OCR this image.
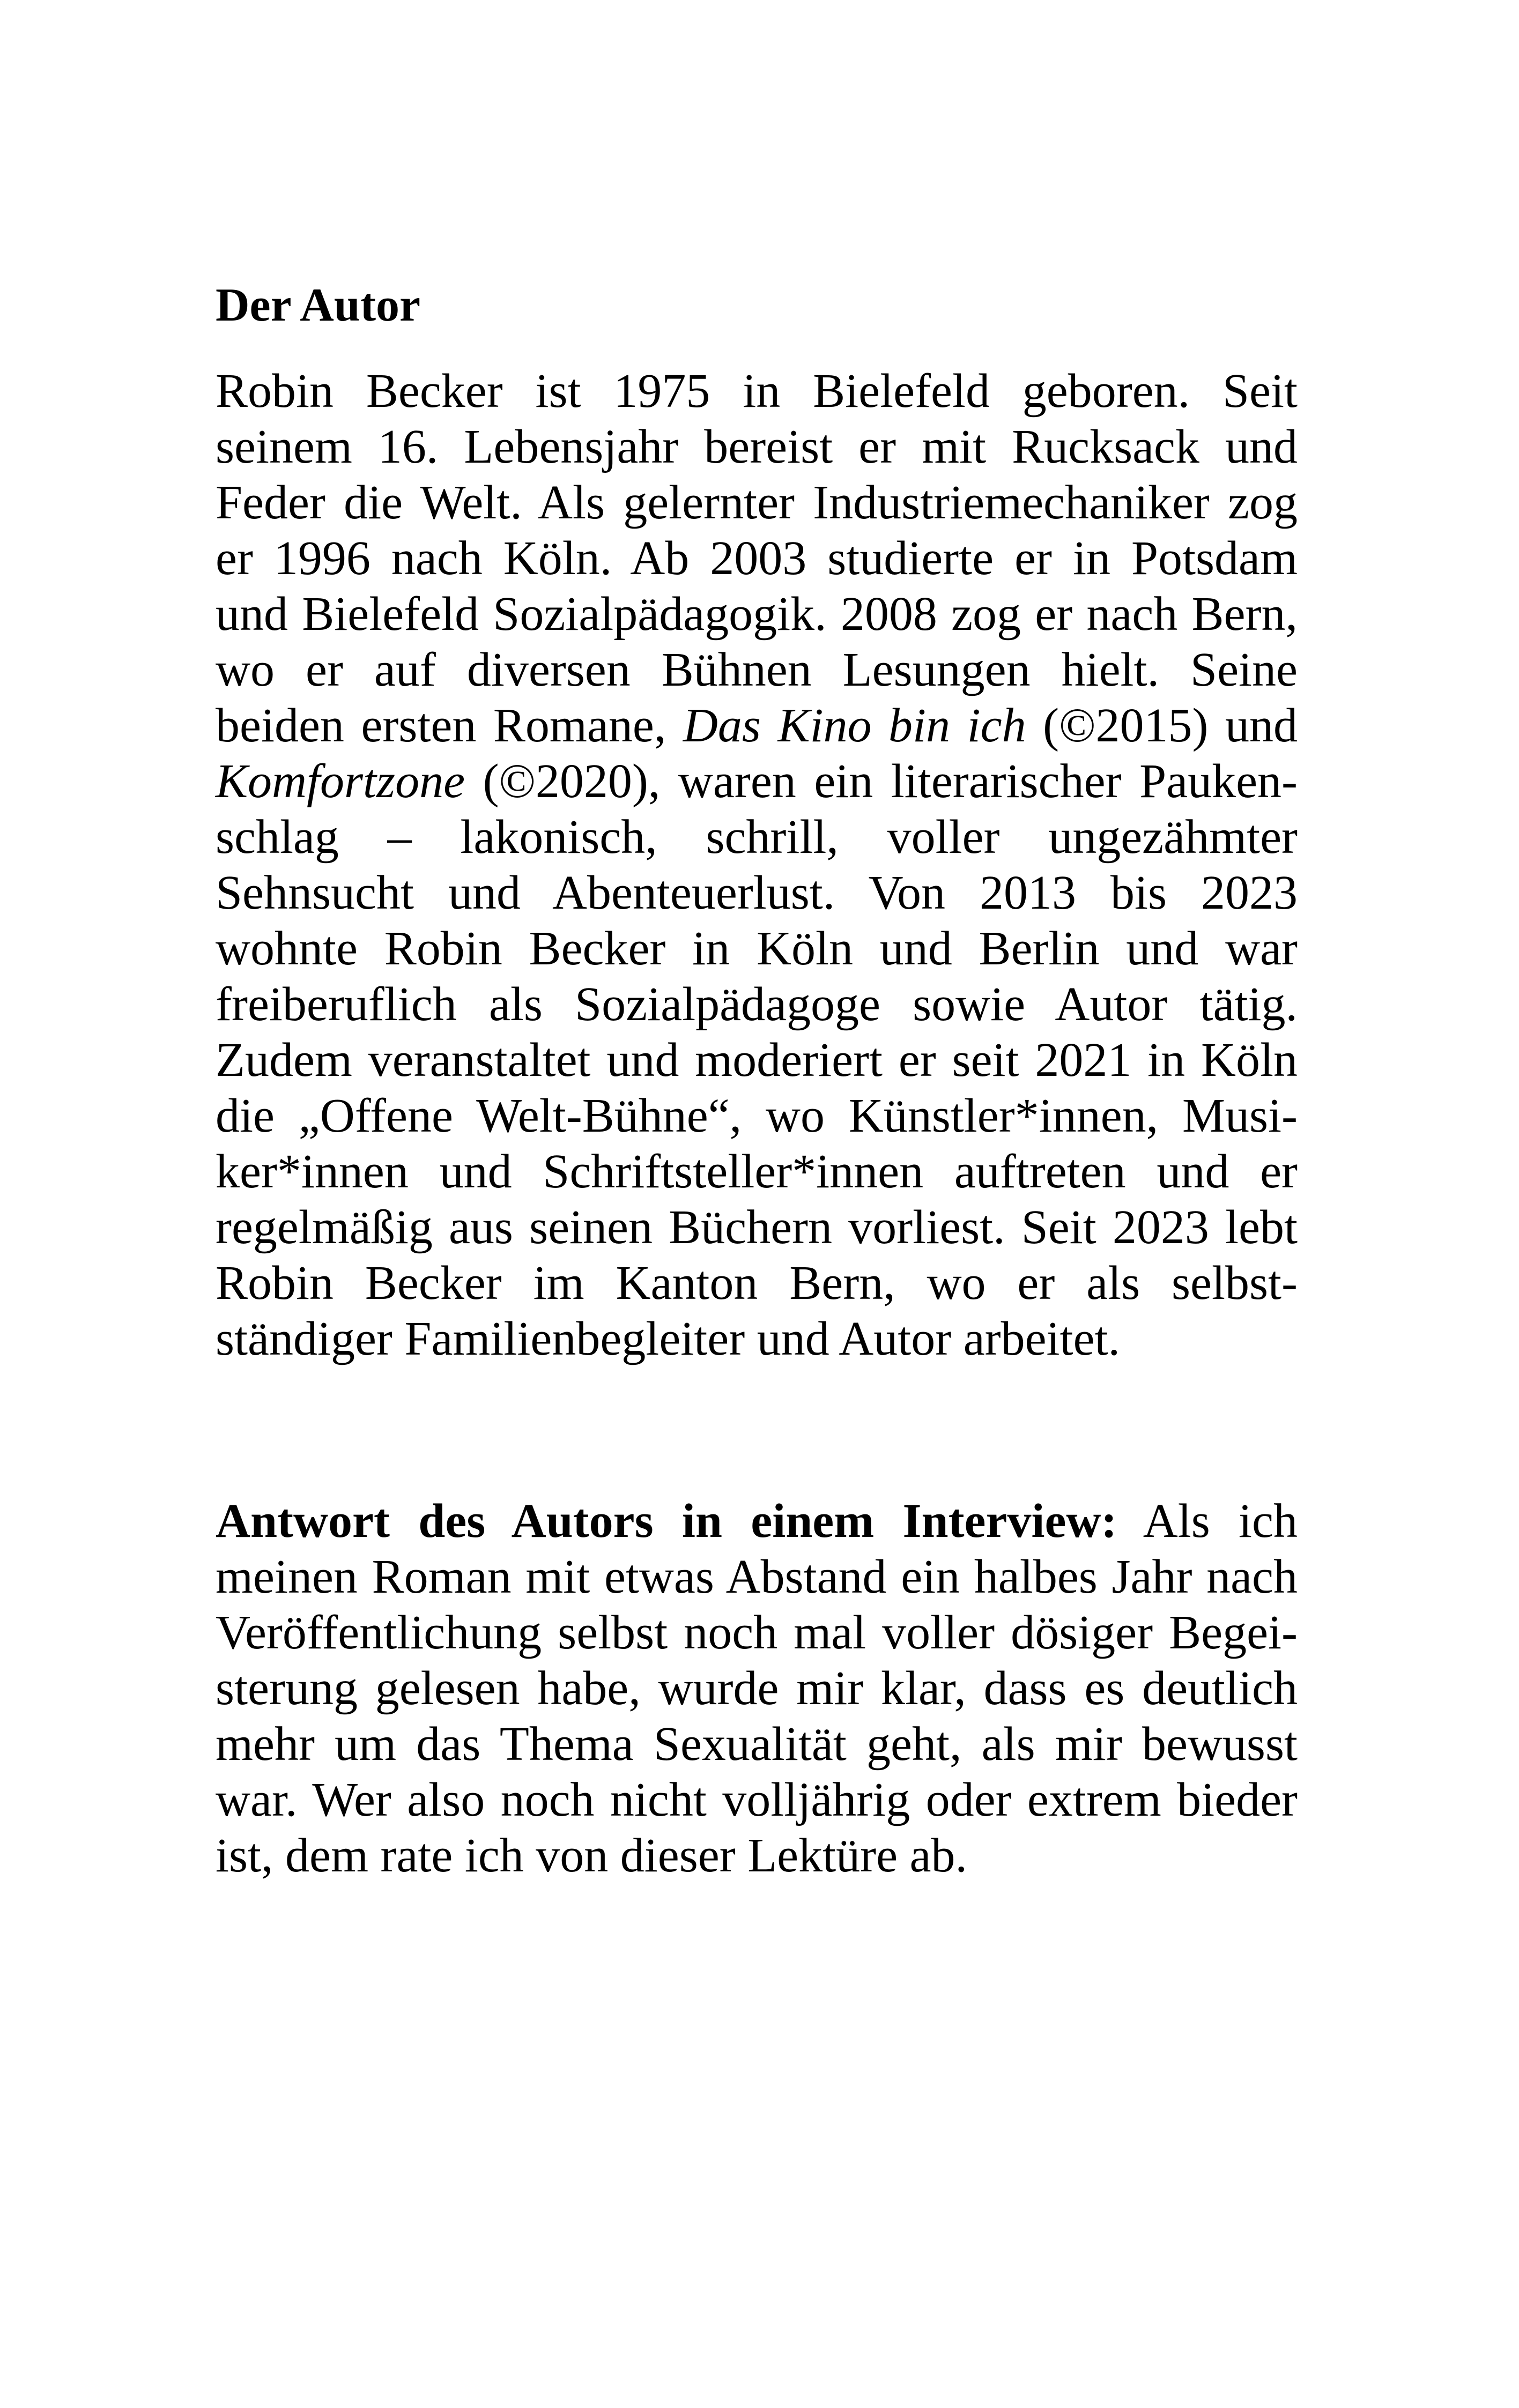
Der Autor
Robin Becker ist 1975 in Bielefeld geboren. Seit
seinem 16. Lebensjahr bereist er mit Rucksack und
Feder die Welt. Als gelernter Industriemechaniker zog
er 1996 nach Köln. Ab 2003 studierte er in Potsdam
und Bielefeld Sozialpädagogik. 2008 zog er nach Bern,
wo er auf diversen Bühnen Lesungen hielt. Seine
beiden ersten Romane, Das Kino bin ich (©2015) und
Komfortzone (©2020), waren ein literarischer Pauken-
schlag – lakonisch, schrill, voller ungezähmter
Sehnsucht und Abenteuerlust. Von 2013 bis 2023
wohnte Robin Becker in Köln und Berlin und war
freiberuflich als Sozialpädagoge sowie Autor tätig.
Zudem veranstaltet und moderiert er seit 2021 in Köln
die „Offene Welt-Bühne“, wo Künstler*innen, Musi-
ker*innen und Schriftsteller*innen auftreten und er
regelmäßig aus seinen Büchern vorliest. Seit 2023 lebt
Robin Becker im Kanton Bern, wo er als selbst-
ständiger Familienbegleiter und Autor arbeitet.
Antwort des Autors in einem Interview: Als ich
meinen Roman mit etwas Abstand ein halbes Jahr nach
Veröffentlichung selbst noch mal voller dösiger Begei-
sterung gelesen habe, wurde mir klar, dass es deutlich
mehr um das Thema Sexualität geht, als mir bewusst
war. Wer also noch nicht volljährig oder extrem bieder
ist, dem rate ich von dieser Lektüre ab.
